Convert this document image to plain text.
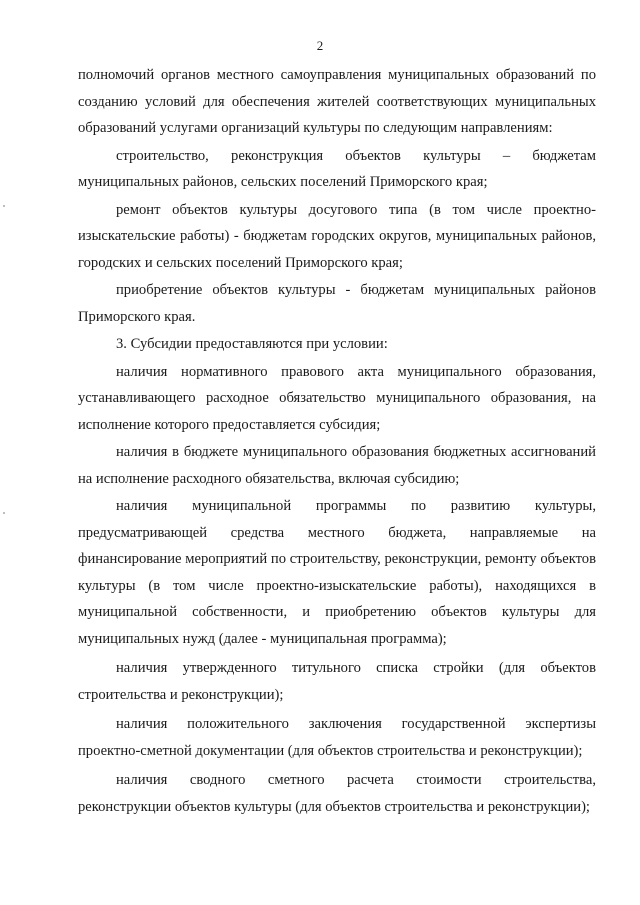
2

полномочий органов местного самоуправления муниципальных образований по созданию условий для обеспечения жителей соответствующих муниципальных образований услугами организаций культуры по следующим направлениям:

строительство, реконструкция объектов культуры – бюджетам муниципальных районов, сельских поселений Приморского края;

ремонт объектов культуры досугового типа (в том числе проектно-изыскательские работы) - бюджетам городских округов, муниципальных районов, городских и сельских поселений Приморского края;

приобретение объектов культуры - бюджетам муниципальных районов Приморского края.

3. Субсидии предоставляются при условии:

наличия нормативного правового акта муниципального образования, устанавливающего расходное обязательство муниципального образования, на исполнение которого предоставляется субсидия;

наличия в бюджете муниципального образования бюджетных ассигнований на исполнение расходного обязательства, включая субсидию;

наличия муниципальной программы по развитию культуры, предусматривающей средства местного бюджета, направляемые на финансирование мероприятий по строительству, реконструкции, ремонту объектов культуры (в том числе проектно-изыскательские работы), находящихся в муниципальной собственности, и приобретению объектов культуры для муниципальных нужд (далее - муниципальная программа);

наличия утвержденного титульного списка стройки (для объектов строительства и реконструкции);

наличия положительного заключения государственной экспертизы проектно-сметной документации (для объектов строительства и реконструкции);

наличия сводного сметного расчета стоимости строительства, реконструкции объектов культуры (для объектов строительства и реконструкции);
